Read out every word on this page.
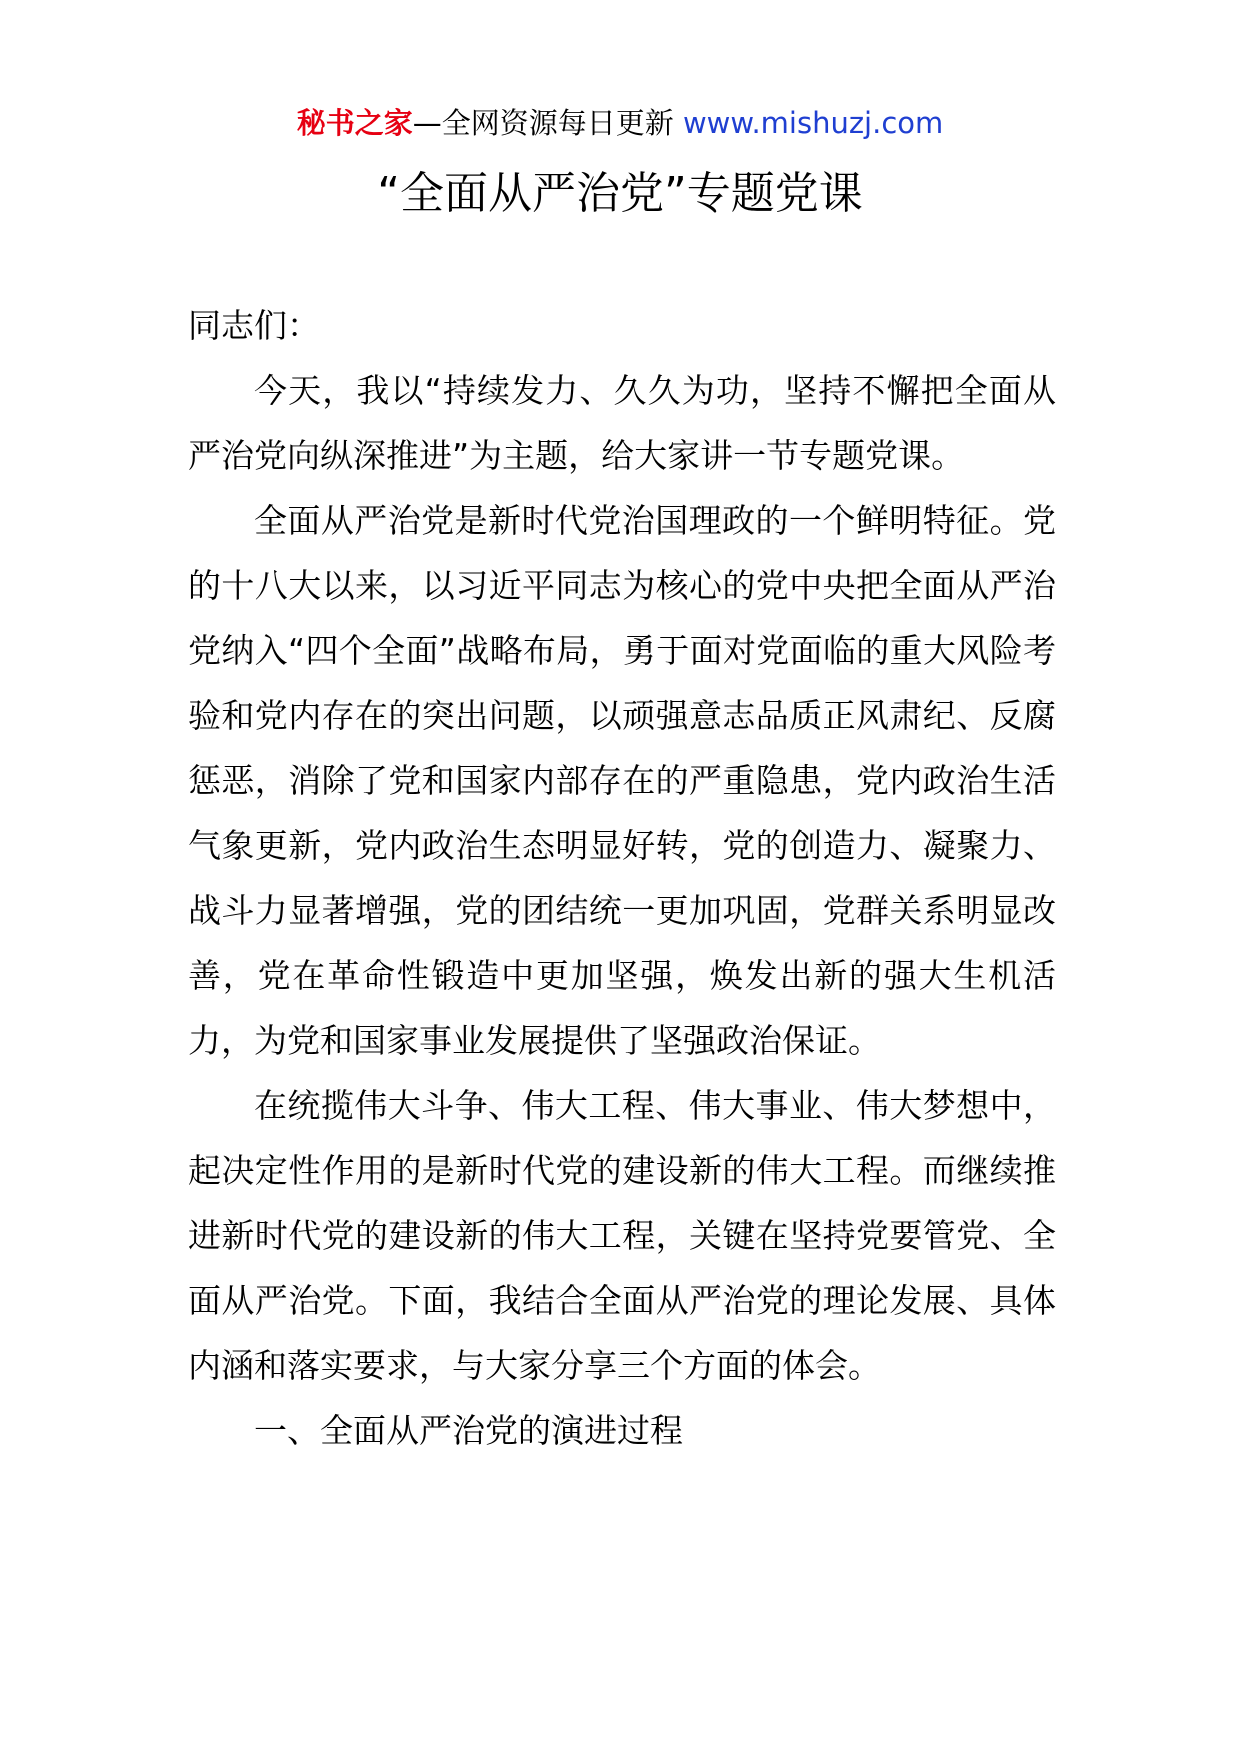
秘书之家—全网资源每日更新 www.mishuzj.com
“全面从严治党”专题党课

同志们：

今天，我以“持续发力、久久为功，坚持不懈把全面从严治党向纵深推进”为主题，给大家讲一节专题党课。

全面从严治党是新时代党治国理政的一个鲜明特征。党的十八大以来，以习近平同志为核心的党中央把全面从严治党纳入“四个全面”战略布局，勇于面对党面临的重大风险考验和党内存在的突出问题，以顽强意志品质正风肃纪、反腐惩恶，消除了党和国家内部存在的严重隐患，党内政治生活气象更新，党内政治生态明显好转，党的创造力、凝聚力、战斗力显著增强，党的团结统一更加巩固，党群关系明显改善，党在革命性锻造中更加坚强，焕发出新的强大生机活力，为党和国家事业发展提供了坚强政治保证。

在统揽伟大斗争、伟大工程、伟大事业、伟大梦想中，起决定性作用的是新时代党的建设新的伟大工程。而继续推进新时代党的建设新的伟大工程，关键在坚持党要管党、全面从严治党。下面，我结合全面从严治党的理论发展、具体内涵和落实要求，与大家分享三个方面的体会。

一、全面从严治党的演进过程
